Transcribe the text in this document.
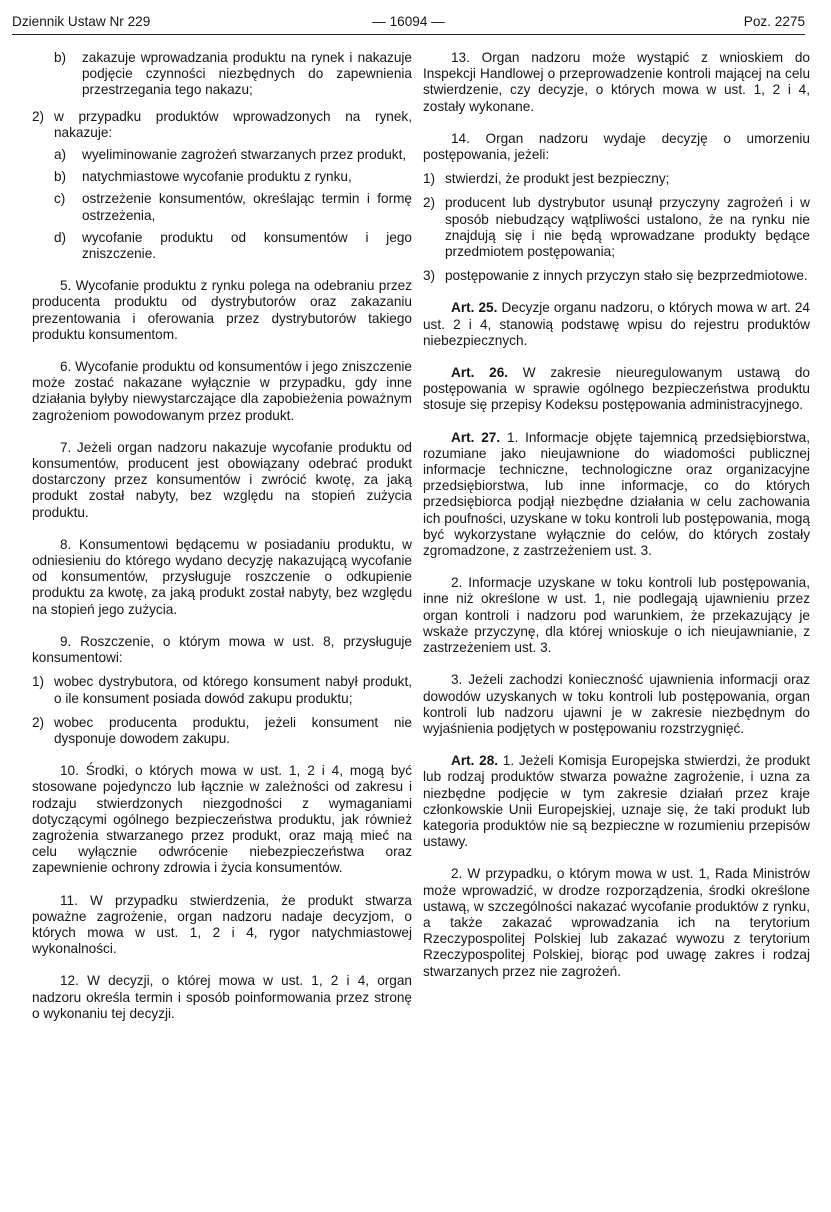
Dziennik Ustaw Nr 229	— 16094 —	Poz. 2275
b) zakazuje wprowadzania produktu na rynek i nakazuje podjęcie czynności niezbędnych do zapewnienia przestrzegania tego nakazu;
2) w przypadku produktów wprowadzonych na rynek, nakazuje:
a) wyeliminowanie zagrożeń stwarzanych przez produkt,
b) natychmiastowe wycofanie produktu z rynku,
c) ostrzeżenie konsumentów, określając termin i formę ostrzeżenia,
d) wycofanie produktu od konsumentów i jego zniszczenie.

5. Wycofanie produktu z rynku polega na odebraniu przez producenta produktu od dystrybutorów oraz zakazaniu prezentowania i oferowania przez dystrybutorów takiego produktu konsumentom.

6. Wycofanie produktu od konsumentów i jego zniszczenie może zostać nakazane wyłącznie w przypadku, gdy inne działania byłyby niewystarczające dla zapobieżenia poważnym zagrożeniom powodowanym przez produkt.

7. Jeżeli organ nadzoru nakazuje wycofanie produktu od konsumentów, producent jest obowiązany odebrać produkt dostarczony przez konsumentów i zwrócić kwotę, za jaką produkt został nabyty, bez względu na stopień zużycia produktu.

8. Konsumentowi będącemu w posiadaniu produktu, w odniesieniu do którego wydano decyzję nakazującą wycofanie od konsumentów, przysługuje roszczenie o odkupienie produktu za kwotę, za jaką produkt został nabyty, bez względu na stopień jego zużycia.

9. Roszczenie, o którym mowa w ust. 8, przysługuje konsumentowi:

1) wobec dystrybutora, od którego konsument nabył produkt, o ile konsument posiada dowód zakupu produktu;
2) wobec producenta produktu, jeżeli konsument nie dysponuje dowodem zakupu.

10. Środki, o których mowa w ust. 1, 2 i 4, mogą być stosowane pojedynczo lub łącznie w zależności od zakresu i rodzaju stwierdzonych niezgodności z wymaganiami dotyczącymi ogólnego bezpieczeństwa produktu, jak również zagrożenia stwarzanego przez produkt, oraz mają mieć na celu wyłącznie odwrócenie niebezpieczeństwa oraz zapewnienie ochrony zdrowia i życia konsumentów.

11. W przypadku stwierdzenia, że produkt stwarza poważne zagrożenie, organ nadzoru nadaje decyzjom, o których mowa w ust. 1, 2 i 4, rygor natychmiastowej wykonalności.

12. W decyzji, o której mowa w ust. 1, 2 i 4, organ nadzoru określa termin i sposób poinformowania przez stronę o wykonaniu tej decyzji.

13. Organ nadzoru może wystąpić z wnioskiem do Inspekcji Handlowej o przeprowadzenie kontroli mającej na celu stwierdzenie, czy decyzje, o których mowa w ust. 1, 2 i 4, zostały wykonane.

14. Organ nadzoru wydaje decyzję o umorzeniu postępowania, jeżeli:

1) stwierdzi, że produkt jest bezpieczny;
2) producent lub dystrybutor usunął przyczyny zagrożeń i w sposób niebudzący wątpliwości ustalono, że na rynku nie znajdują się i nie będą wprowadzane produkty będące przedmiotem postępowania;
3) postępowanie z innych przyczyn stało się bezprzedmiotowe.

Art. 25. Decyzje organu nadzoru, o których mowa w art. 24 ust. 2 i 4, stanowią podstawę wpisu do rejestru produktów niebezpiecznych.

Art. 26. W zakresie nieuregulowanym ustawą do postępowania w sprawie ogólnego bezpieczeństwa produktu stosuje się przepisy Kodeksu postępowania administracyjnego.

Art. 27. 1. Informacje objęte tajemnicą przedsiębiorstwa, rozumiane jako nieujawnione do wiadomości publicznej informacje techniczne, technologiczne oraz organizacyjne przedsiębiorstwa, lub inne informacje, co do których przedsiębiorca podjął niezbędne działania w celu zachowania ich poufności, uzyskane w toku kontroli lub postępowania, mogą być wykorzystane wyłącznie do celów, do których zostały zgromadzone, z zastrzeżeniem ust. 3.

2. Informacje uzyskane w toku kontroli lub postępowania, inne niż określone w ust. 1, nie podlegają ujawnieniu przez organ kontroli i nadzoru pod warunkiem, że przekazujący je wskaże przyczynę, dla której wnioskuje o ich nieujawnianie, z zastrzeżeniem ust. 3.

3. Jeżeli zachodzi konieczność ujawnienia informacji oraz dowodów uzyskanych w toku kontroli lub postępowania, organ kontroli lub nadzoru ujawni je w zakresie niezbędnym do wyjaśnienia podjętych w postępowaniu rozstrzygnięć.

Art. 28. 1. Jeżeli Komisja Europejska stwierdzi, że produkt lub rodzaj produktów stwarza poważne zagrożenie, i uzna za niezbędne podjęcie w tym zakresie działań przez kraje członkowskie Unii Europejskiej, uznaje się, że taki produkt lub kategoria produktów nie są bezpieczne w rozumieniu przepisów ustawy.

2. W przypadku, o którym mowa w ust. 1, Rada Ministrów może wprowadzić, w drodze rozporządzenia, środki określone ustawą, w szczególności nakazać wycofanie produktów z rynku, a także zakazać wprowadzania ich na terytorium Rzeczypospolitej Polskiej lub zakazać wywozu z terytorium Rzeczypospolitej Polskiej, biorąc pod uwagę zakres i rodzaj stwarzanych przez nie zagrożeń.
